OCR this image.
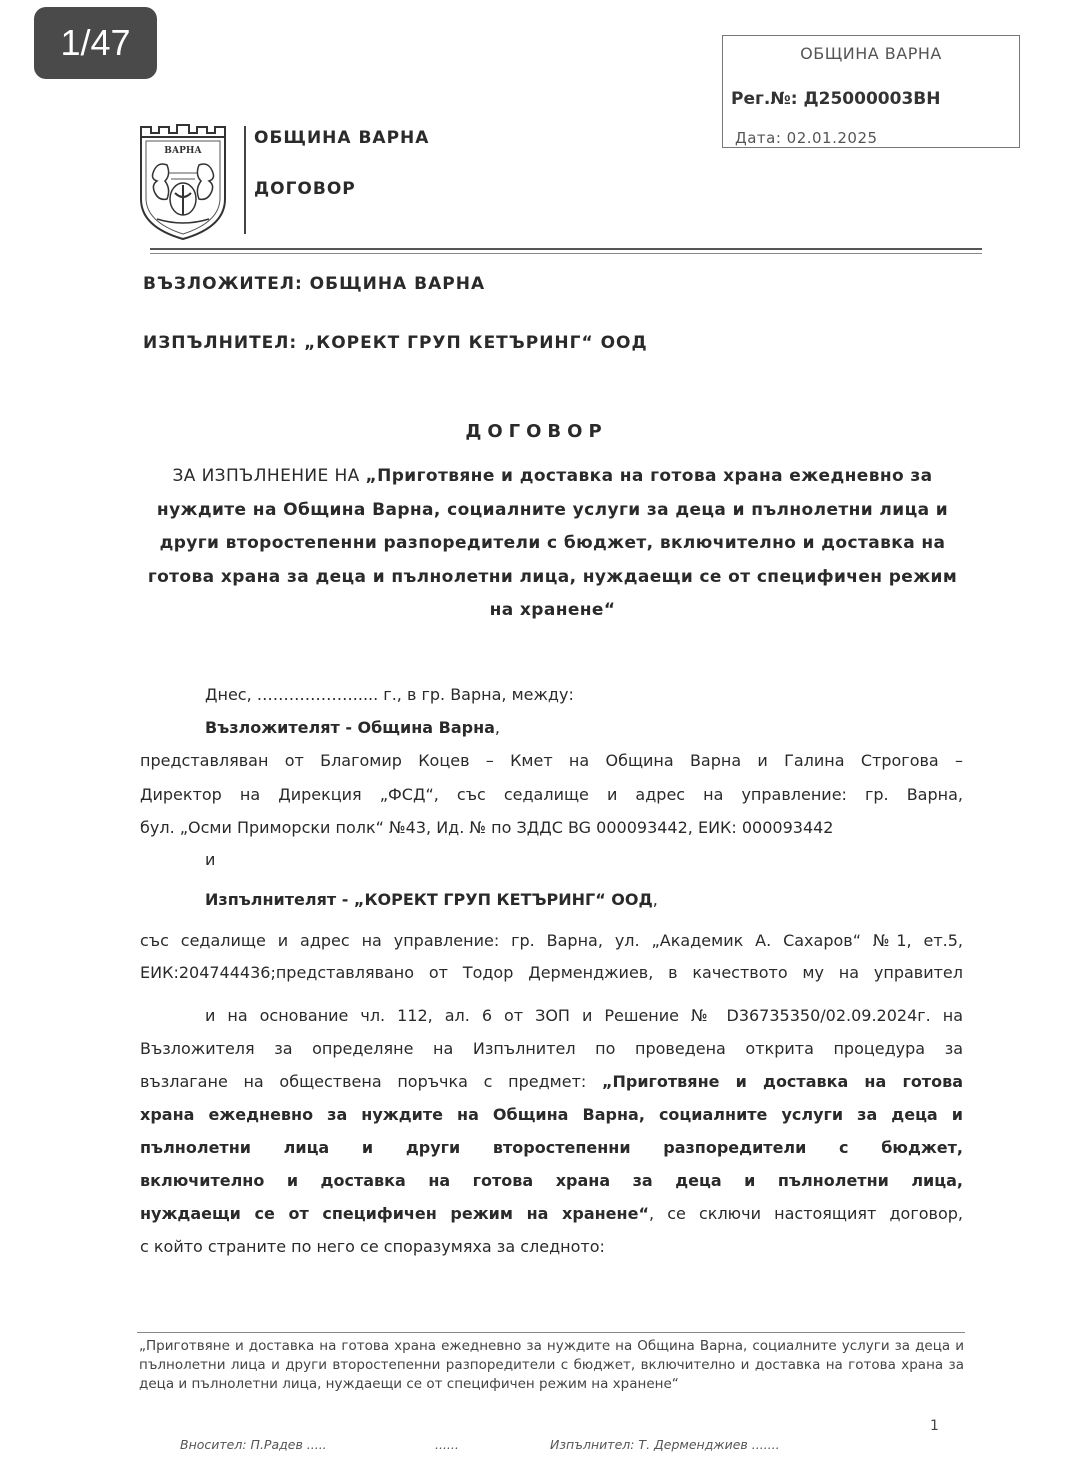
1/47	ОБЩИНА ВАРНА
Рег.№: Д25000003ВН
Дата: 02.01.2025
ВАРНА
ОБЩИНА ВАРНА
ДОГОВОР
ВЪЗЛОЖИТЕЛ: ОБЩИНА ВАРНА
ИЗПЪЛНИТЕЛ: „КОРЕКТ ГРУП КЕТЪРИНГ“ ООД
ДОГОВОР
ЗА ИЗПЪЛНЕНИЕ НА „Приготвяне и доставка на готова храна ежедневно за нуждите на Община Варна, социалните услуги за деца и пълнолетни лица и други второстепенни разпоредители с бюджет, включително и доставка на готова храна за деца и пълнолетни лица, нуждаещи се от специфичен режим на хранене“
Днес, ………………..... г., в гр. Варна, между:
Възложителят - Община Варна,
представляван от Благомир Коцев – Кмет на Община Варна и Галина Строгова –
Директор на Дирекция „ФСД“, със седалище и адрес на управление: гр. Варна,
бул. „Осми Приморски полк“ №43, Ид. № по ЗДДС BG 000093442, ЕИК: 000093442
и
Изпълнителят - „КОРЕКТ ГРУП КЕТЪРИНГ“ ООД,
със седалище и адрес на управление: гр. Варна, ул. „Академик А. Сахаров“ №1, ет.5,
ЕИК:204744436;представлявано от Тодор Дерменджиев, в качеството му на управител
и на основание чл. 112, ал. 6 от ЗОП и Решение № D36735350/02.09.2024г. на
Възложителя за определяне на Изпълнител по проведена открита процедура за
възлагане на обществена поръчка с предмет: „Приготвяне и доставка на готова
храна ежедневно за нуждите на Община Варна, социалните услуги за деца и
пълнолетни лица и други второстепенни разпоредители с бюджет,
включително и доставка на готова храна за деца и пълнолетни лица,
нуждаещи се от специфичен режим на хранене“, се сключи настоящият договор,
с който страните по него се споразумяха за следното:
„Приготвяне и доставка на готова храна ежедневно за нуждите на Община Варна, социалните услуги за деца и пълнолетни лица и други второстепенни разпоредители с бюджет, включително и доставка на готова храна за деца и пълнолетни лица, нуждаещи се от специфичен режим на хранене“
1
Вносител: П.Радев .....	......	Изпълнител: Т. Дерменджиев .......
